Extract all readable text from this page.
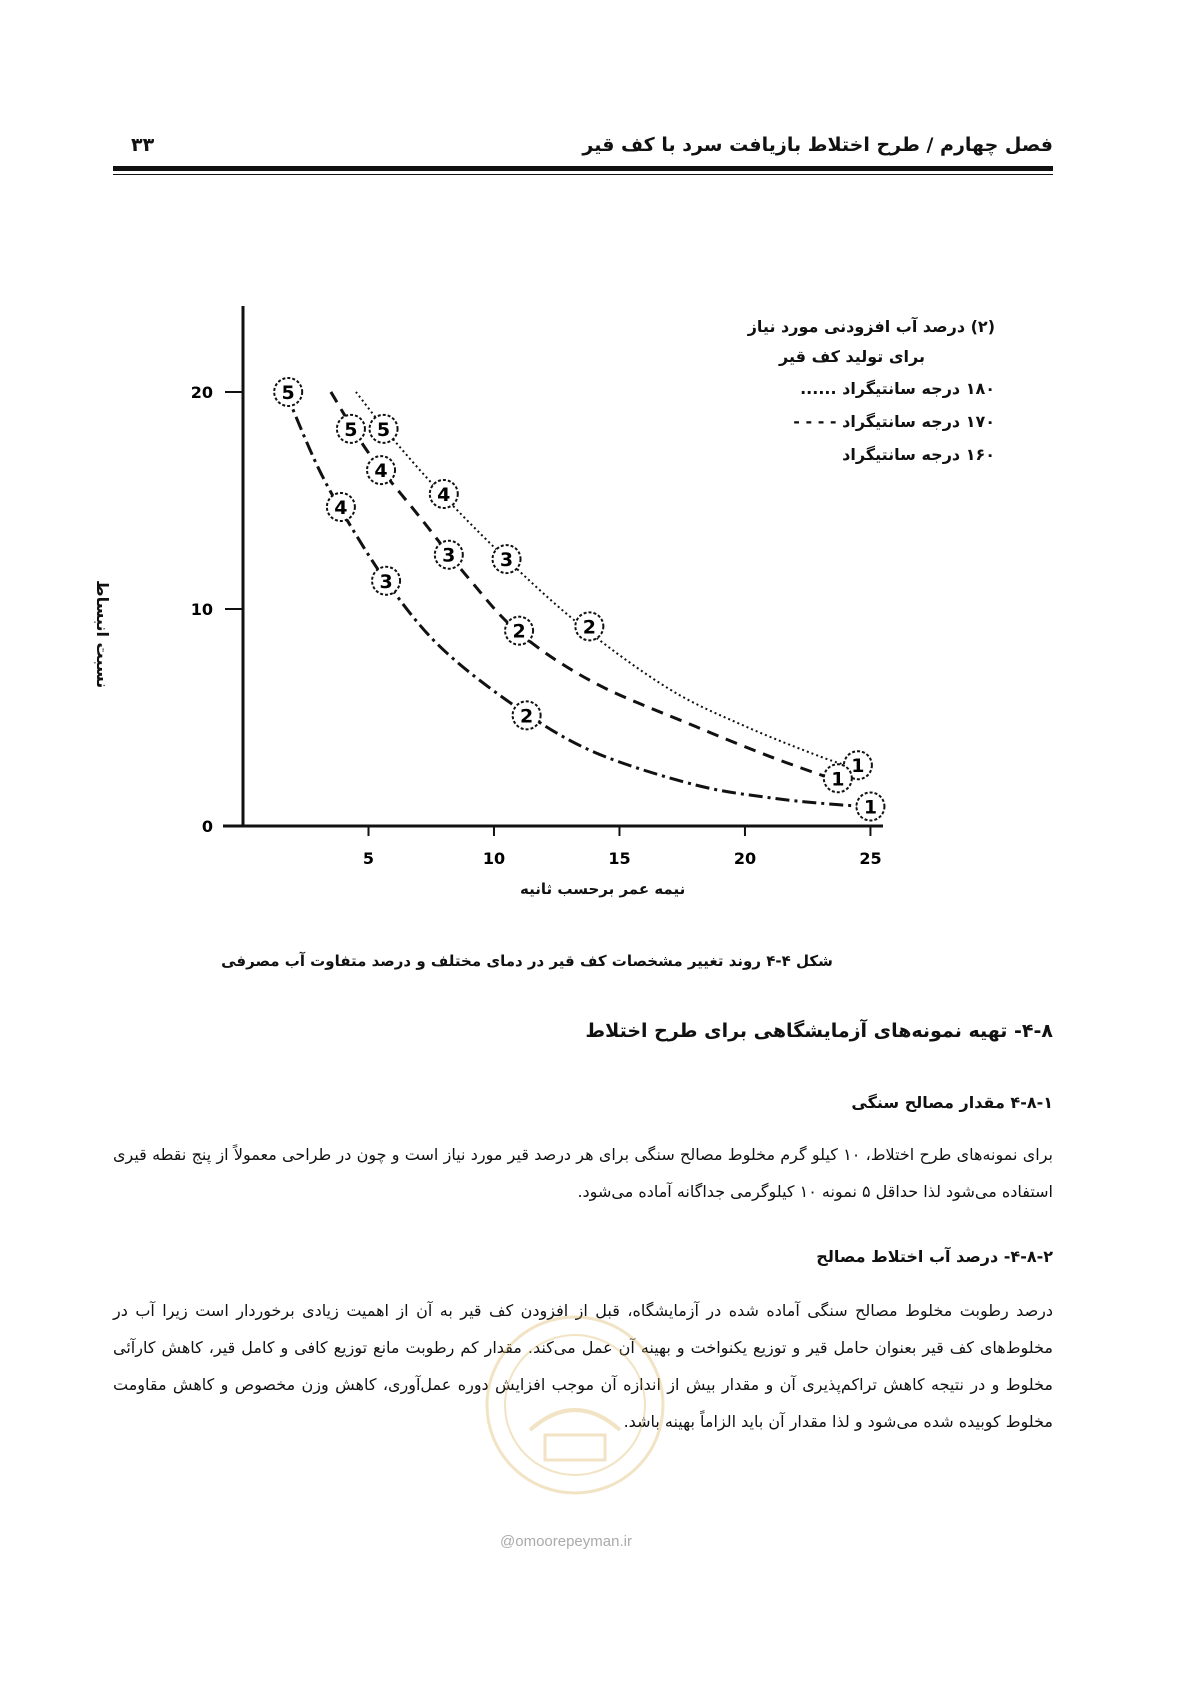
۳۳	فصل چهارم / طرح اختلاط بازیافت سرد با کف قیر
5	10	15	20	25
0
10
20
5
4
3
2
1
5
4
3
2
1
5
4
3
2
1
(۲) درصد آب افزودنی مورد نیاز
برای تولید کف قیر
۱۸۰ درجه سانتیگراد ......
۱۷۰ درجه سانتیگراد - - - -
۱۶۰ درجه سانتیگراد
نیمه عمر برحسب ثانیه
نسبت انبساط
شکل ۴-۴ روند تغییر مشخصات کف قیر در دمای مختلف و درصد متفاوت آب مصرفی
۴-۸- تهیه نمونه‌های آزمایشگاهی برای طرح اختلاط
۴-۸-۱ مقدار مصالح سنگی
برای نمونه‌های طرح اختلاط، ۱۰ کیلو گرم مخلوط مصالح سنگی برای هر درصد قیر مورد نیاز است و چون در طراحی معمولاً از پنج نقطه قیری استفاده می‌شود لذا حداقل ۵ نمونه ۱۰ کیلوگرمی جداگانه آماده می‌شود.
۴-۸-۲- درصد آب اختلاط مصالح
درصد رطوبت مخلوط مصالح سنگی آماده شده در آزمایشگاه، قبل از افزودن کف قیر به آن از اهمیت زیادی برخوردار است زیرا آب در مخلوط‌های کف قیر بعنوان حامل قیر و توزیع یکنواخت و بهینه آن عمل می‌کند. مقدار کم رطوبت مانع توزیع کافی و کامل قیر، کاهش کارآئی مخلوط و در نتیجه کاهش تراکم‌پذیری آن و مقدار بیش از اندازه آن موجب افزایش دوره عمل‌آوری، کاهش وزن مخصوص و کاهش مقاومت مخلوط کوبیده شده می‌شود و لذا مقدار آن باید الزاماً بهینه باشد.
@omoorepeyman.ir
